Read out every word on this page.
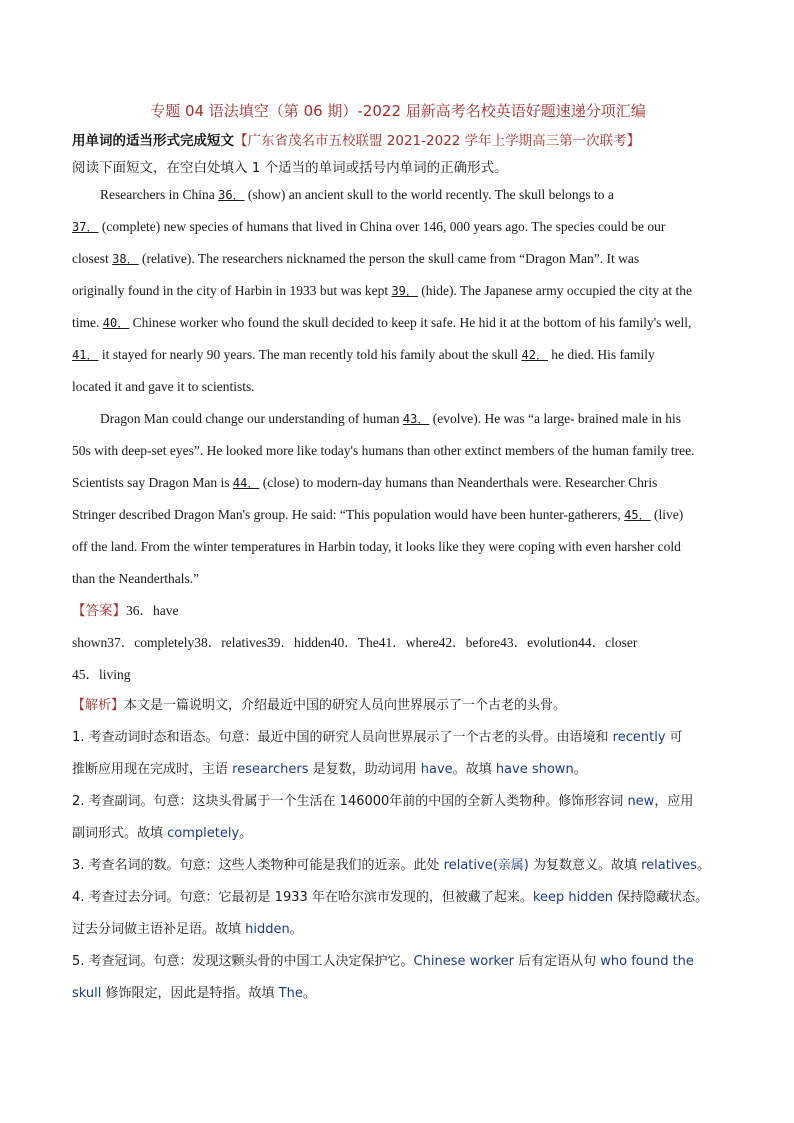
专题 04 语法填空（第 06 期）-2022 届新高考名校英语好题速递分项汇编
用单词的适当形式完成短文【广东省茂名市五校联盟 2021-2022 学年上学期高三第一次联考】
阅读下面短文，在空白处填入 1 个适当的单词或括号内单词的正确形式。
Researchers in China 36． (show) an ancient skull to the world recently. The skull belongs to a
37． (complete) new species of humans that lived in China over 146, 000 years ago. The species could be our
closest 38． (relative). The researchers nicknamed the person the skull came from “Dragon Man”. It was
originally found in the city of Harbin in 1933 but was kept 39． (hide). The Japanese army occupied the city at the
time. 40． Chinese worker who found the skull decided to keep it safe. He hid it at the bottom of his family's well,
41． it stayed for nearly 90 years. The man recently told his family about the skull 42． he died. His family
located it and gave it to scientists.
Dragon Man could change our understanding of human 43． (evolve). He was “a large- brained male in his
50s with deep-set eyes”. He looked more like today's humans than other extinct members of the human family tree.
Scientists say Dragon Man is 44． (close) to modern-day humans than Neanderthals were. Researcher Chris
Stringer described Dragon Man's group. He said: “This population would have been hunter-gatherers, 45． (live)
off the land. From the winter temperatures in Harbin today, it looks like they were coping with even harsher cold
than the Neanderthals.”
【答案】36．have
shown37．completely38．relatives39．hidden40．The41．where42．before43．evolution44．closer
45．living
【解析】本文是一篇说明文，介绍最近中国的研究人员向世界展示了一个古老的头骨。
1. 考查动词时态和语态。句意：最近中国的研究人员向世界展示了一个古老的头骨。由语境和 recently 可
推断应用现在完成时，主语 researchers 是复数，助动词用 have。故填 have shown。
2. 考查副词。句意：这块头骨属于一个生活在 146000年前的中国的全新人类物种。修饰形容词 new，应用
副词形式。故填 completely。
3. 考查名词的数。句意：这些人类物种可能是我们的近亲。此处 relative(亲属) 为复数意义。故填 relatives。
4. 考查过去分词。句意：它最初是 1933 年在哈尔滨市发现的，但被藏了起来。keep hidden 保持隐藏状态。
过去分词做主语补足语。故填 hidden。
5. 考查冠词。句意：发现这颗头骨的中国工人决定保护它。Chinese worker 后有定语从句 who found the
skull 修饰限定，因此是特指。故填 The。
